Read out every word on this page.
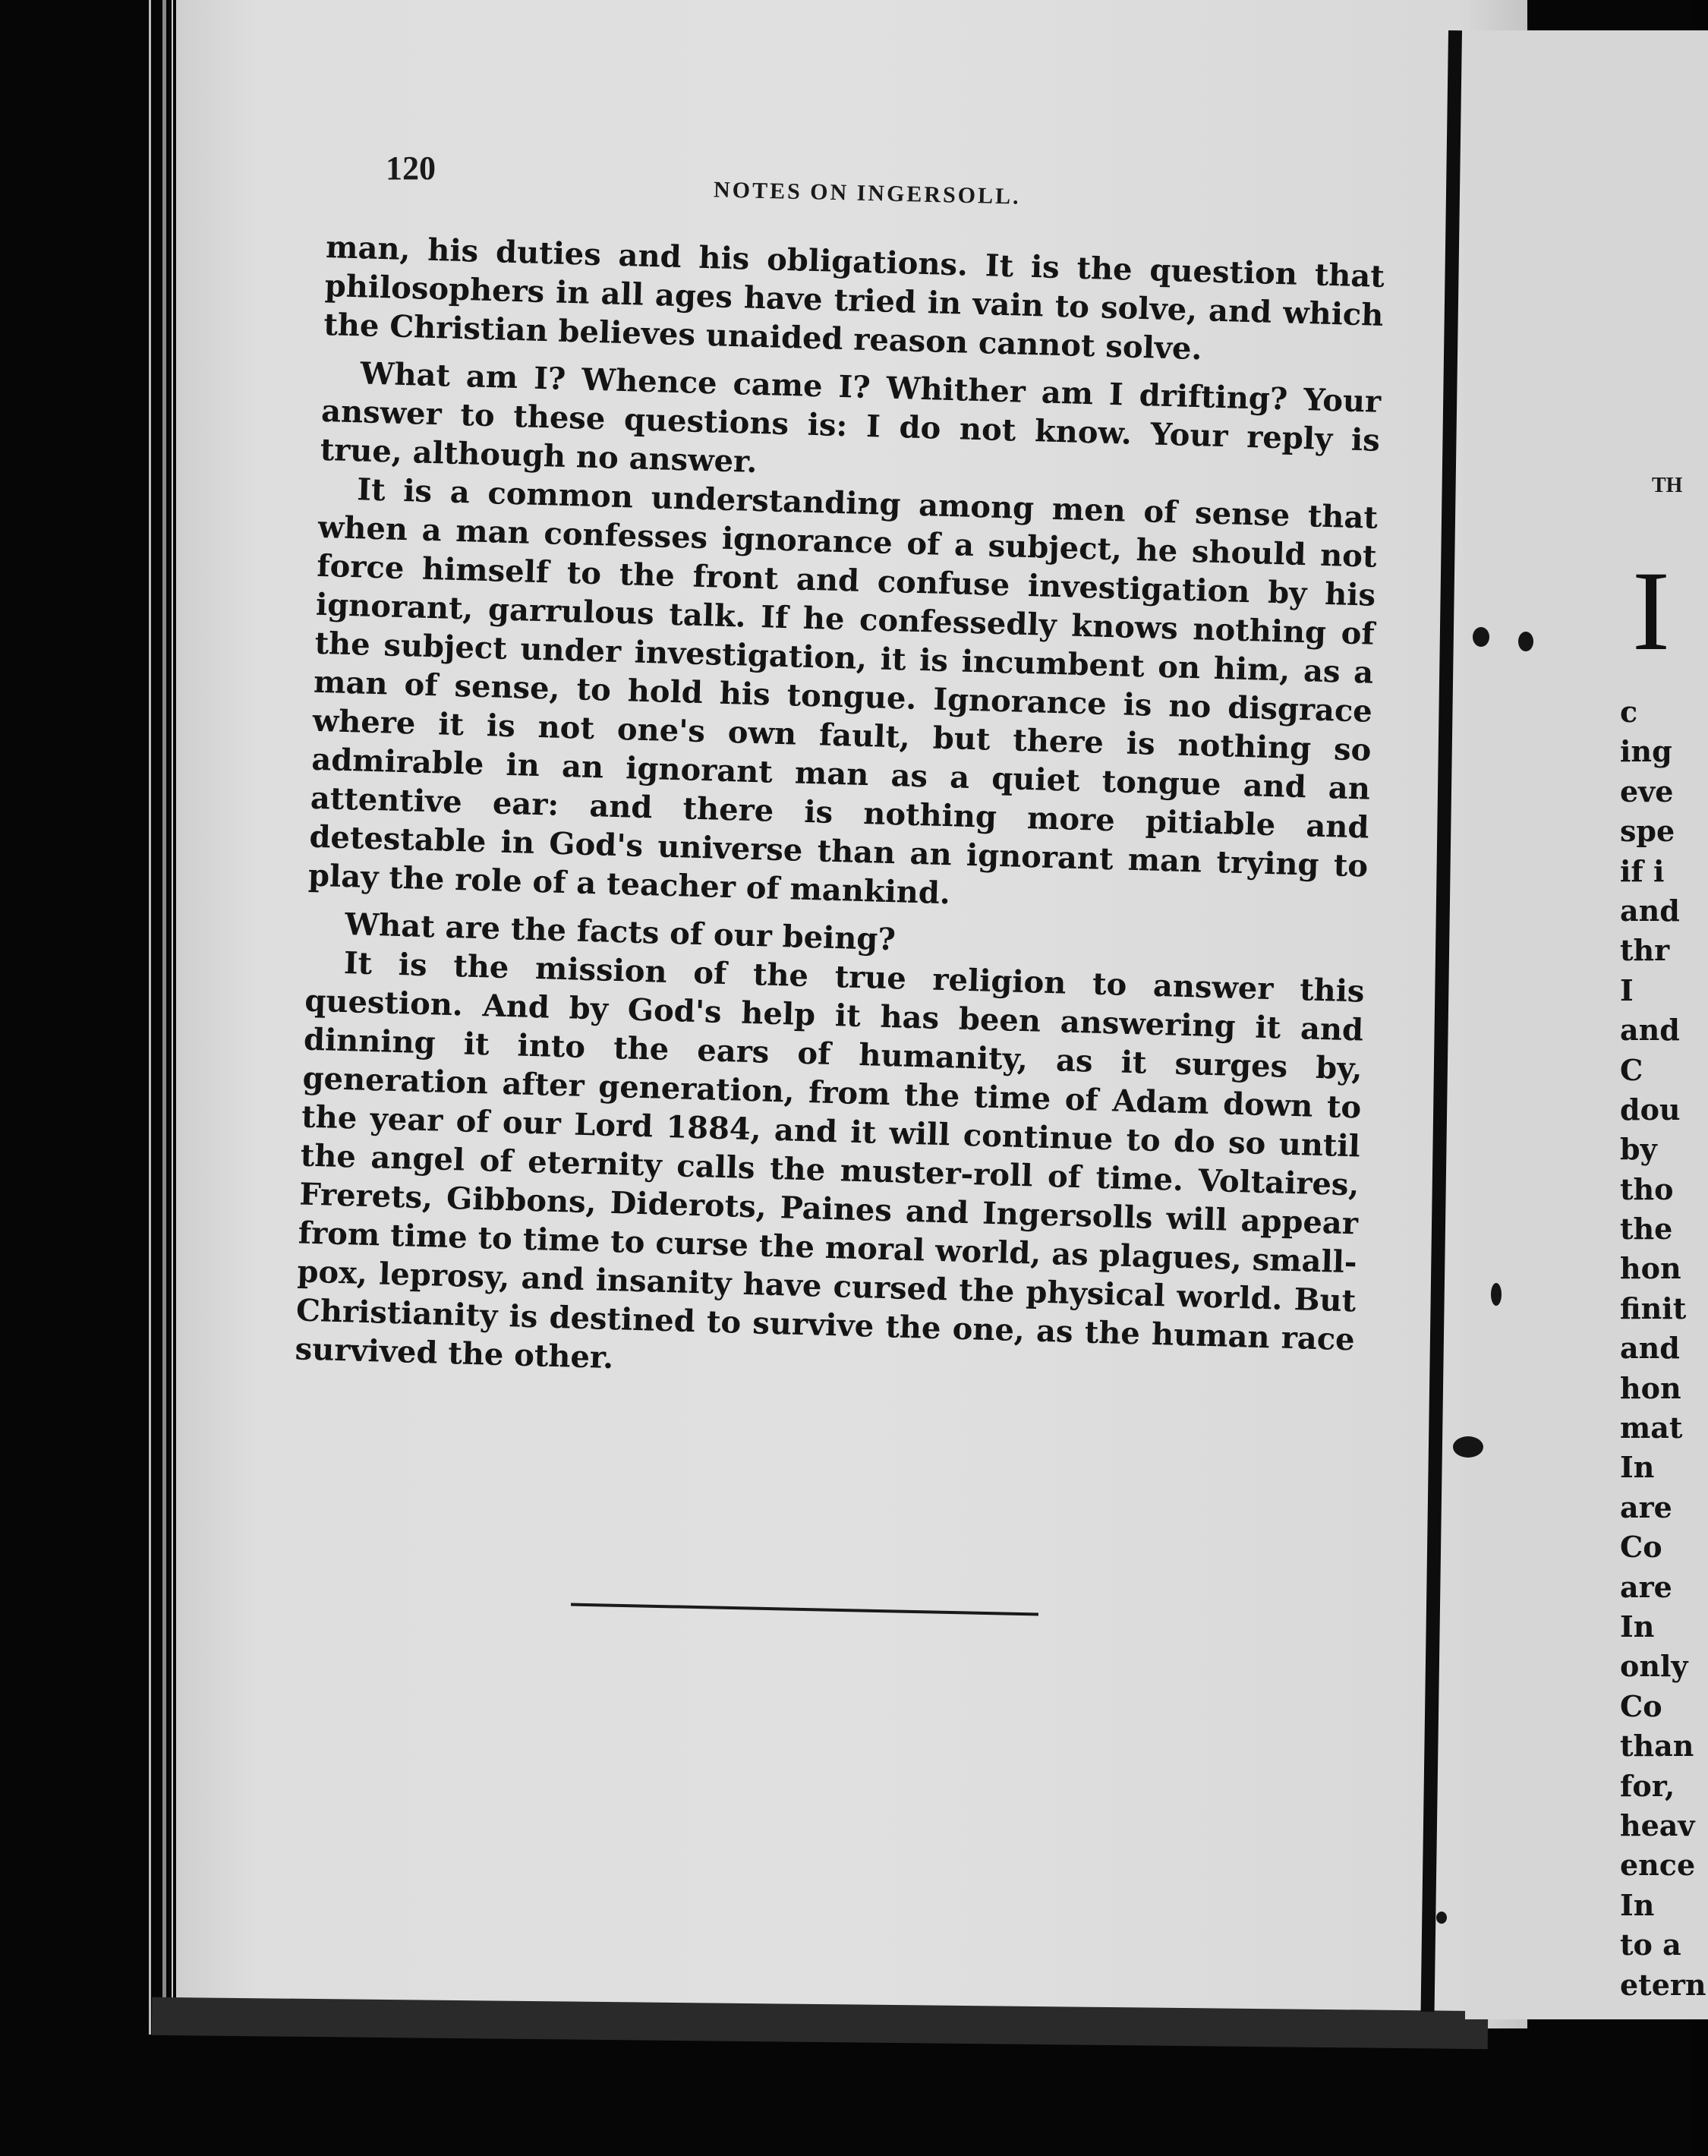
120
NOTES ON INGERSOLL.

man, his duties and his obligations. It is the question that philosophers in all ages have tried in vain to solve, and which the Christian believes unaided reason cannot solve.

What am I? Whence came I? Whither am I drifting? Your answer to these questions is: I do not know. Your reply is true, although no answer.

It is a common understanding among men of sense that when a man confesses ignorance of a subject, he should not force himself to the front and confuse investigation by his ignorant, garrulous talk. If he confessedly knows nothing of the subject under investigation, it is incumbent on him, as a man of sense, to hold his tongue. Ignorance is no disgrace where it is not one's own fault, but there is nothing so admirable in an ignorant man as a quiet tongue and an attentive ear: and there is nothing more pitiable and detestable in God's universe than an ignorant man trying to play the role of a teacher of mankind.

What are the facts of our being?

It is the mission of the true religion to answer this question. And by God's help it has been answering it and dinning it into the ears of humanity, as it surges by, generation after generation, from the time of Adam down to the year of our Lord 1884, and it will continue to do so until the angel of eternity calls the muster-roll of time. Voltaires, Frerets, Gibbons, Diderots, Paines and Ingersolls will appear from time to time to curse the moral world, as plagues, small-pox, leprosy, and insanity have cursed the physical world. But Christianity is destined to survive the one, as the human race survived the other.

TH
I
c
ing
eve
spe
if i
and
thr
I
and
C
dou
by
tho
the
hon
finit
and
hon
mat
In
are
Co
are
In
only
Co
than
for,
heav
ence
In
to a
etern
